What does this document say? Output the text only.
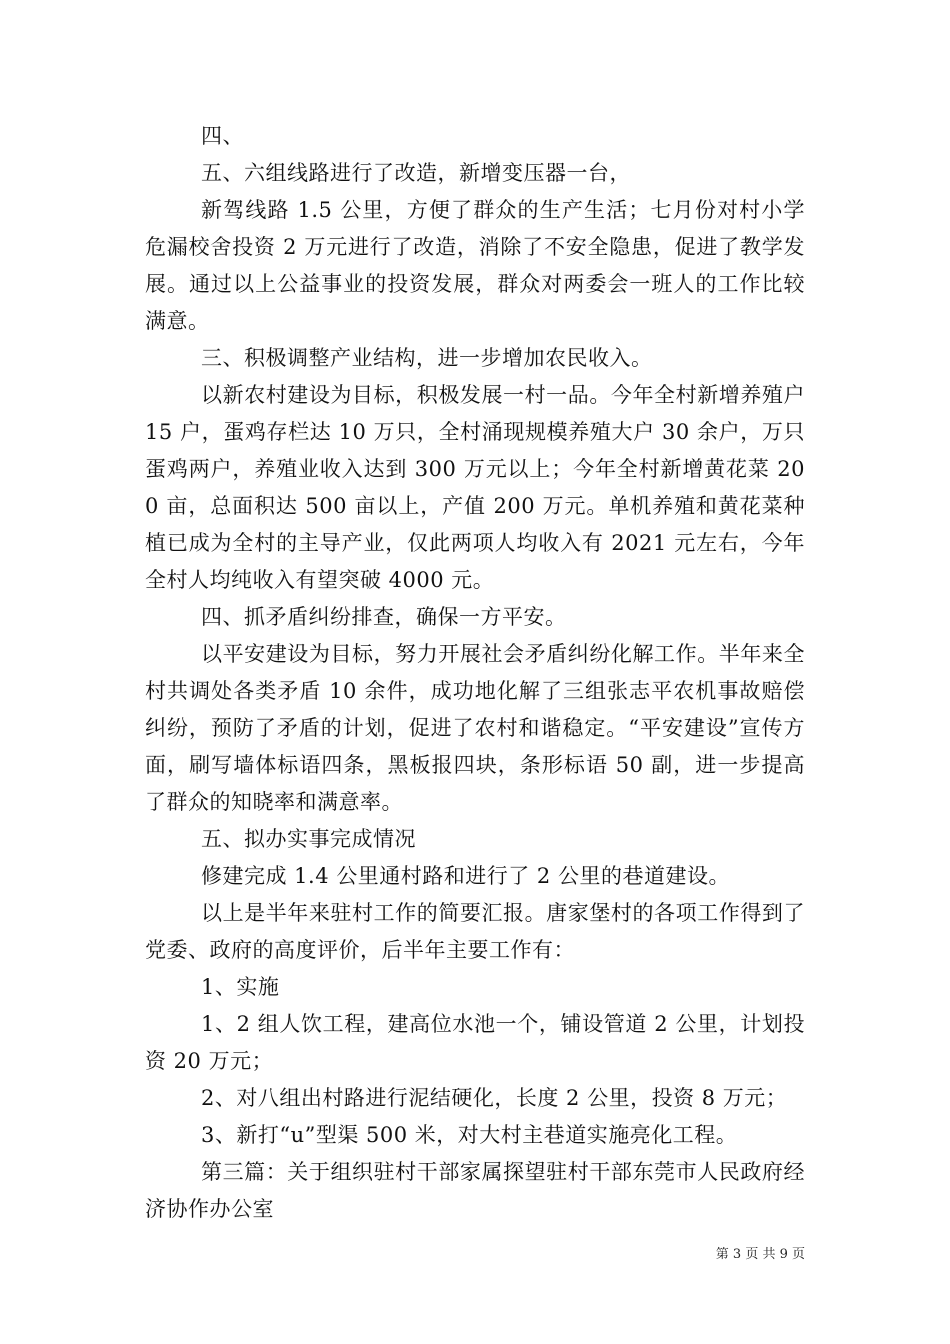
四、

五、六组线路进行了改造，新增变压器一台，

新驾线路 1.5 公里，方便了群众的生产生活；七月份对村小学危漏校舍投资 2 万元进行了改造，消除了不安全隐患，促进了教学发展。通过以上公益事业的投资发展，群众对两委会一班人的工作比较满意。

三、积极调整产业结构，进一步增加农民收入。

以新农村建设为目标，积极发展一村一品。今年全村新增养殖户 15 户，蛋鸡存栏达 10 万只，全村涌现规模养殖大户 30 余户，万只蛋鸡两户，养殖业收入达到 300 万元以上；今年全村新增黄花菜 200 亩，总面积达 500 亩以上，产值 200 万元。单机养殖和黄花菜种植已成为全村的主导产业，仅此两项人均收入有 2021 元左右，今年全村人均纯收入有望突破 4000 元。

四、抓矛盾纠纷排查，确保一方平安。

以平安建设为目标，努力开展社会矛盾纠纷化解工作。半年来全村共调处各类矛盾 10 余件，成功地化解了三组张志平农机事故赔偿纠纷，预防了矛盾的计划，促进了农村和谐稳定。“平安建设”宣传方面，刷写墙体标语四条，黑板报四块，条形标语 50 副，进一步提高了群众的知晓率和满意率。

五、拟办实事完成情况

修建完成 1.4 公里通村路和进行了 2 公里的巷道建设。

以上是半年来驻村工作的简要汇报。唐家堡村的各项工作得到了党委、政府的高度评价，后半年主要工作有：

1、实施

1、2 组人饮工程，建高位水池一个，铺设管道 2 公里，计划投资 20 万元；

2、对八组出村路进行泥结硬化，长度 2 公里，投资 8 万元；

3、新打“u”型渠 500 米，对大村主巷道实施亮化工程。

第三篇：关于组织驻村干部家属探望驻村干部东莞市人民政府经济协作办公室

第 3 页 共 9 页
